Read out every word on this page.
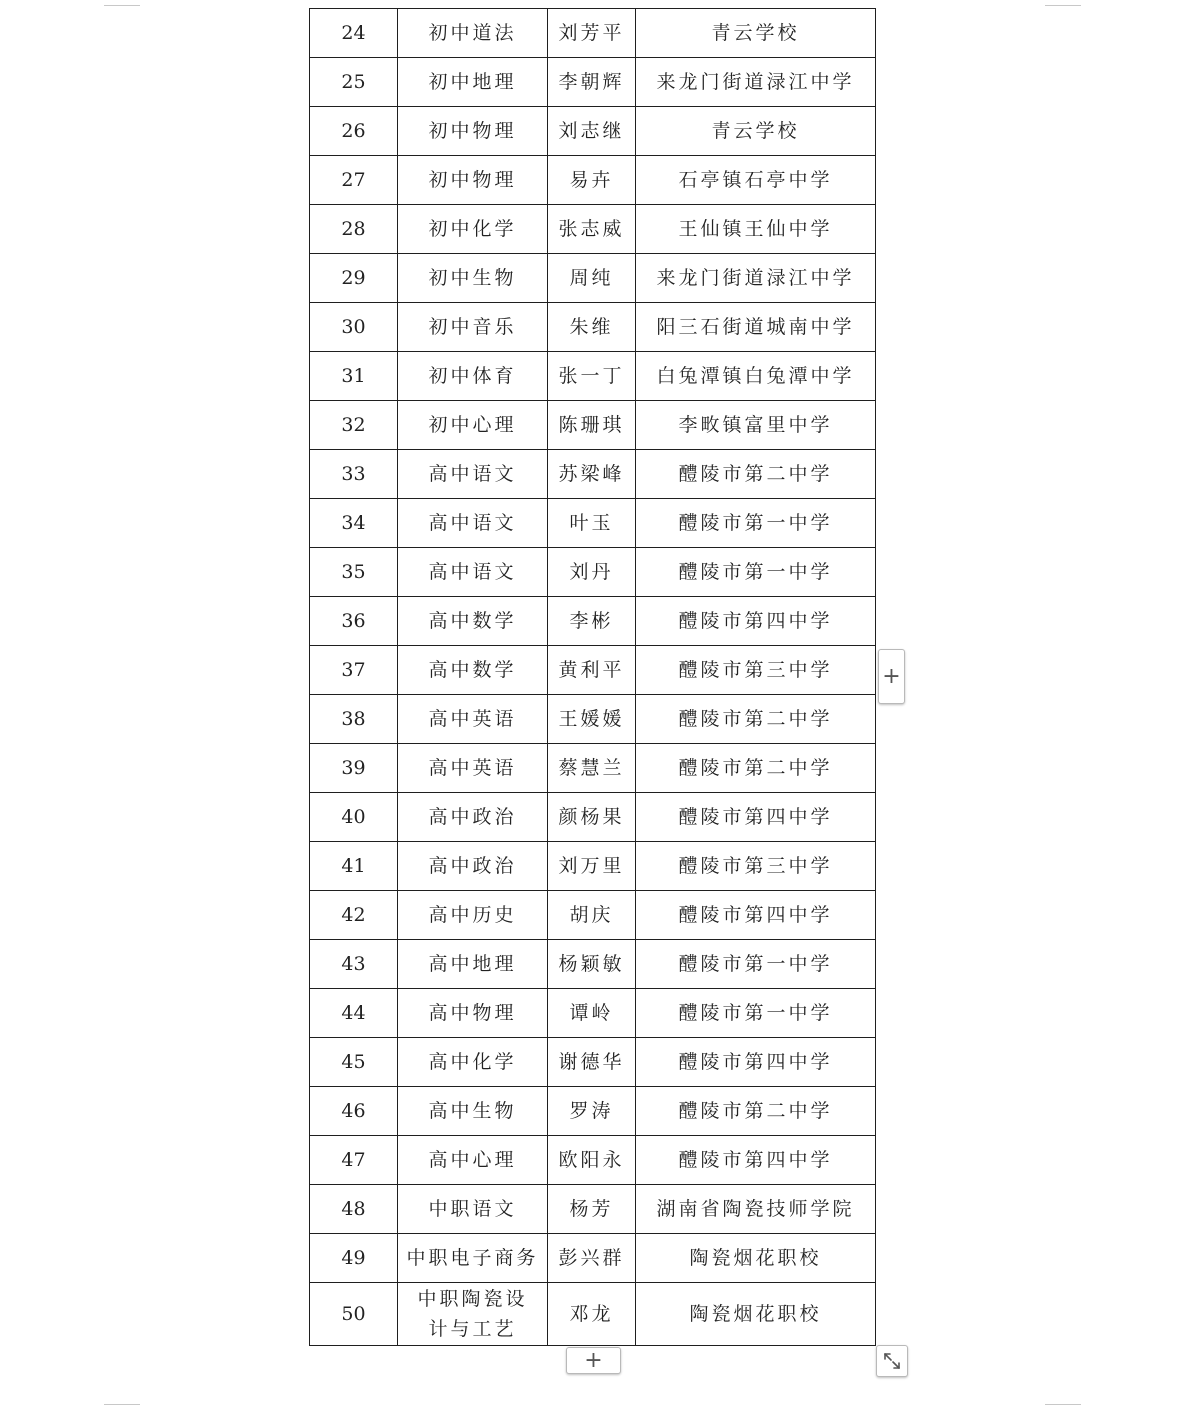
24	初中道法	刘芳平	青云学校
25	初中地理	李朝辉	来龙门街道渌江中学
26	初中物理	刘志继	青云学校
27	初中物理	易卉	石亭镇石亭中学
28	初中化学	张志威	王仙镇王仙中学
29	初中生物	周纯	来龙门街道渌江中学
30	初中音乐	朱维	阳三石街道城南中学
31	初中体育	张一丁	白兔潭镇白兔潭中学
32	初中心理	陈珊琪	李畋镇富里中学
33	高中语文	苏梁峰	醴陵市第二中学
34	高中语文	叶玉	醴陵市第一中学
35	高中语文	刘丹	醴陵市第一中学
36	高中数学	李彬	醴陵市第四中学
37	高中数学	黄利平	醴陵市第三中学
38	高中英语	王媛媛	醴陵市第二中学
39	高中英语	蔡慧兰	醴陵市第二中学
40	高中政治	颜杨果	醴陵市第四中学
41	高中政治	刘万里	醴陵市第三中学
42	高中历史	胡庆	醴陵市第四中学
43	高中地理	杨颖敏	醴陵市第一中学
44	高中物理	谭岭	醴陵市第一中学
45	高中化学	谢德华	醴陵市第四中学
46	高中生物	罗涛	醴陵市第二中学
47	高中心理	欧阳永	醴陵市第四中学
48	中职语文	杨芳	湖南省陶瓷技师学院
49	中职电子商务	彭兴群	陶瓷烟花职校
50	中职陶瓷设计与工艺	邓龙	陶瓷烟花职校
+
+
